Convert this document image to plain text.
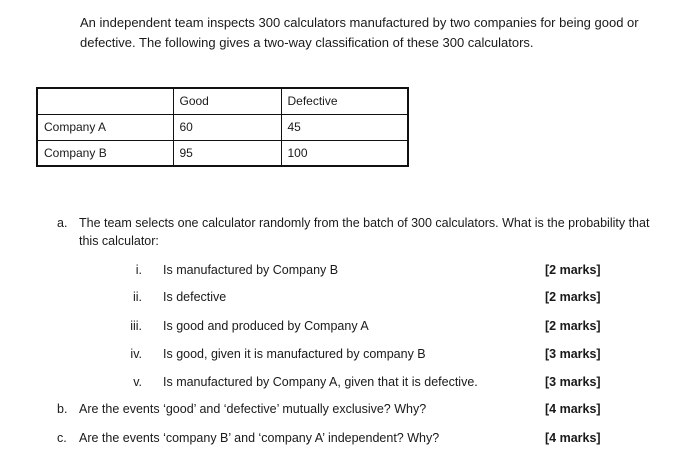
An independent team inspects 300 calculators manufactured by two companies for being good or defective. The following gives a two-way classification of these 300 calculators.

	Good	Defective
Company A	60	45
Company B	95	100
a. The team selects one calculator randomly from the batch of 300 calculators. What is the probability that this calculator:
i. Is manufactured by Company B	[2 marks]
ii. Is defective	[2 marks]
iii. Is good and produced by Company A	[2 marks]
iv. Is good, given it is manufactured by company B	[3 marks]
v. Is manufactured by Company A, given that it is defective.	[3 marks]
b. Are the events ‘good’ and ‘defective’ mutually exclusive? Why?	[4 marks]
c. Are the events ‘company B’ and ‘company A’ independent? Why?	[4 marks]
